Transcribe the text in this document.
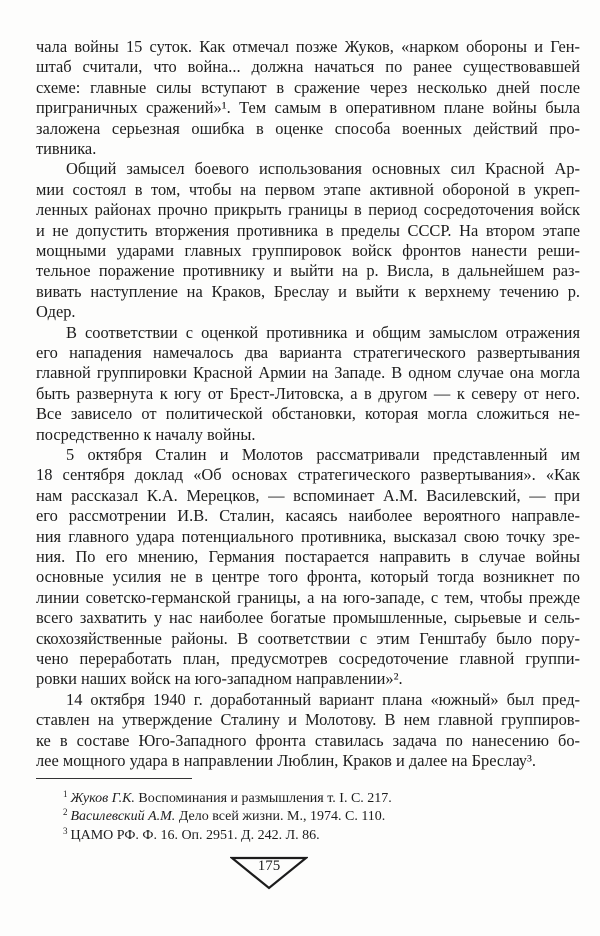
чала войны 15 суток. Как отмечал позже Жуков, «нарком обороны и Ген-
штаб считали, что война... должна начаться по ранее существовавшей
схеме: главные силы вступают в сражение через несколько дней после
приграничных сражений»¹. Тем самым в оперативном плане войны была
заложена серьезная ошибка в оценке способа военных действий про-
тивника.
Общий замысел боевого использования основных сил Красной Ар-
мии состоял в том, чтобы на первом этапе активной обороной в укреп-
ленных районах прочно прикрыть границы в период сосредоточения войск
и не допустить вторжения противника в пределы СССР. На втором этапе
мощными ударами главных группировок войск фронтов нанести реши-
тельное поражение противнику и выйти на р. Висла, в дальнейшем раз-
вивать наступление на Краков, Бреслау и выйти к верхнему течению р.
Одер.
В соответствии с оценкой противника и общим замыслом отражения
его нападения намечалось два варианта стратегического развертывания
главной группировки Красной Армии на Западе. В одном случае она могла
быть развернута к югу от Брест-Литовска, а в другом — к северу от него.
Все зависело от политической обстановки, которая могла сложиться не-
посредственно к началу войны.
5 октября Сталин и Молотов рассматривали представленный им
18 сентября доклад «Об основах стратегического развертывания». «Как
нам рассказал К.А. Мерецков, — вспоминает А.М. Василевский, — при
его рассмотрении И.В. Сталин, касаясь наиболее вероятного направле-
ния главного удара потенциального противника, высказал свою точку зре-
ния. По его мнению, Германия постарается направить в случае войны
основные усилия не в центре того фронта, который тогда возникнет по
линии советско-германской границы, а на юго-западе, с тем, чтобы прежде
всего захватить у нас наиболее богатые промышленные, сырьевые и сель-
скохозяйственные районы. В соответствии с этим Генштабу было пору-
чено переработать план, предусмотрев сосредоточение главной группи-
ровки наших войск на юго-западном направлении»².
14 октября 1940 г. доработанный вариант плана «южный» был пред-
ставлен на утверждение Сталину и Молотову. В нем главной группиров-
ке в составе Юго-Западного фронта ставилась задача по нанесению бо-
лее мощного удара в направлении Люблин, Краков и далее на Бреслау³.
$^1$ Жуков Г.К. Воспоминания и размышления т. I. С. 217.
$^2$ Василевский А.М. Дело всей жизни. М., 1974. С. 110.
$^3$ ЦАМО РФ. Ф. 16. Оп. 2951. Д. 242. Л. 86.
175
